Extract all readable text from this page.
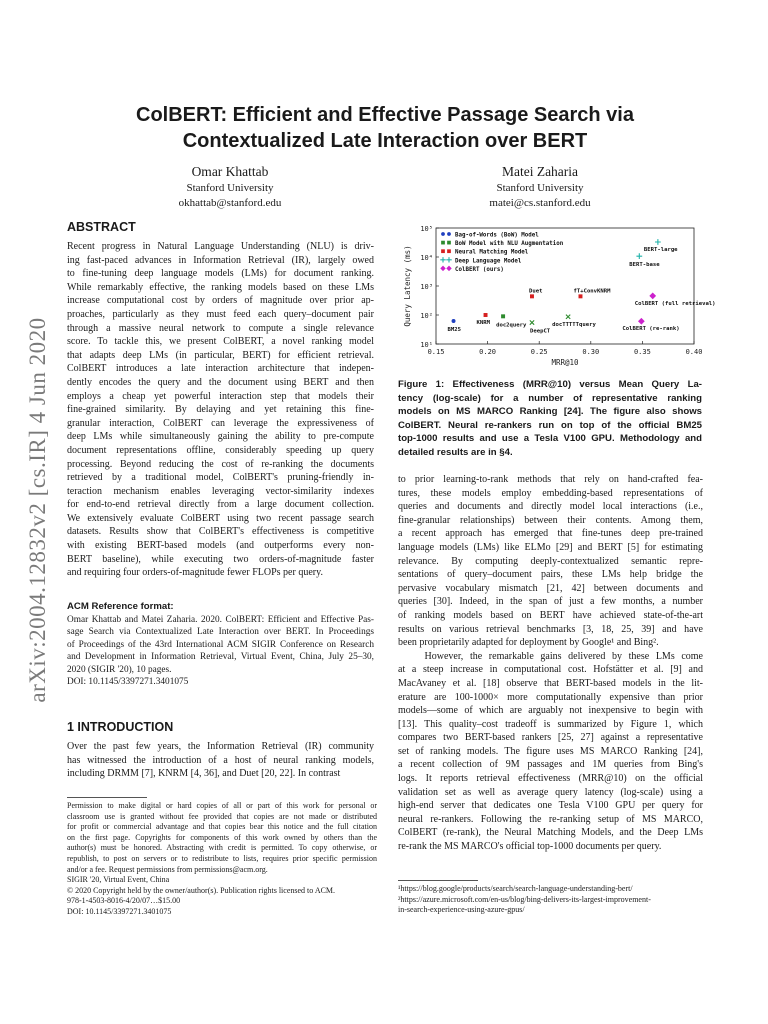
arXiv:2004.12832v2 [cs.IR] 4 Jun 2020
ColBERT: Efficient and Effective Passage Search via
Contextualized Late Interaction over BERT
Omar Khattab
Stanford University
okhattab@stanford.edu
Matei Zaharia
Stanford University
matei@cs.stanford.edu
ABSTRACT
Recent progress in Natural Language Understanding (NLU) is driv-
ing fast-paced advances in Information Retrieval (IR), largely owed
to fine-tuning deep language models (LMs) for document ranking.
While remarkably effective, the ranking models based on these LMs
increase computational cost by orders of magnitude over prior ap-
proaches, particularly as they must feed each query–document pair
through a massive neural network to compute a single relevance
score. To tackle this, we present ColBERT, a novel ranking model
that adapts deep LMs (in particular, BERT) for efficient retrieval.
ColBERT introduces a late interaction architecture that indepen-
dently encodes the query and the document using BERT and then
employs a cheap yet powerful interaction step that models their
fine-grained similarity. By delaying and yet retaining this fine-
granular interaction, ColBERT can leverage the expressiveness of
deep LMs while simultaneously gaining the ability to pre-compute
document representations offline, considerably speeding up query
processing. Beyond reducing the cost of re-ranking the documents
retrieved by a traditional model, ColBERT's pruning-friendly in-
teraction mechanism enables leveraging vector-similarity indexes
for end-to-end retrieval directly from a large document collection.
We extensively evaluate ColBERT using two recent passage search
datasets. Results show that ColBERT's effectiveness is competitive
with existing BERT-based models (and outperforms every non-
BERT baseline), while executing two orders-of-magnitude faster
and requiring four orders-of-magnitude fewer FLOPs per query.
ACM Reference format:
Omar Khattab and Matei Zaharia. 2020. ColBERT: Efficient and Effective Pas-
sage Search via Contextualized Late Interaction over BERT. In Proceedings
of Proceedings of the 43rd International ACM SIGIR Conference on Research
and Development in Information Retrieval, Virtual Event, China, July 25–30,
2020 (SIGIR '20), 10 pages.
DOI: 10.1145/3397271.3401075
1 INTRODUCTION
Over the past few years, the Information Retrieval (IR) community
has witnessed the introduction of a host of neural ranking models,
including DRMM [7], KNRM [4, 36], and Duet [20, 22]. In contrast
Permission to make digital or hard copies of all or part of this work for personal or
classroom use is granted without fee provided that copies are not made or distributed
for profit or commercial advantage and that copies bear this notice and the full citation
on the first page. Copyrights for components of this work owned by others than the
author(s) must be honored. Abstracting with credit is permitted. To copy otherwise, or
republish, to post on servers or to redistribute to lists, requires prior specific permission
and/or a fee. Request permissions from permissions@acm.org.
SIGIR '20, Virtual Event, China
© 2020 Copyright held by the owner/author(s). Publication rights licensed to ACM.
978-1-4503-8016-4/20/07…$15.00
DOI: 10.1145/3397271.3401075
10¹
10²
10³
10⁴
10⁵
0.15	0.20	0.25	0.30	0.35	0.40
MRR@10
Query Latency (ms)
Bag-of-Words (BoW) Model
BoW Model with NLU Augmentation
Neural Matching Model
Deep Language Model
ColBERT (ours)
BM25
KNRM doc2query
Duet
DeepCT
fT+ConvKNRM
docTTTTTquery
BERT-base
BERT-large
ColBERT (full retrieval)
ColBERT (re-rank)
Figure 1: Effectiveness (MRR@10) versus Mean Query La-
tency (log-scale) for a number of representative ranking
models on MS MARCO Ranking [24]. The figure also shows
ColBERT. Neural re-rankers run on top of the official BM25
top-1000 results and use a Tesla V100 GPU. Methodology and
detailed results are in §4.
to prior learning-to-rank methods that rely on hand-crafted fea-
tures, these models employ embedding-based representations of
queries and documents and directly model local interactions (i.e.,
fine-granular relationships) between their contents. Among them,
a recent approach has emerged that fine-tunes deep pre-trained
language models (LMs) like ELMo [29] and BERT [5] for estimating
relevance. By computing deeply-contextualized semantic repre-
sentations of query–document pairs, these LMs help bridge the
pervasive vocabulary mismatch [21, 42] between documents and
queries [30]. Indeed, in the span of just a few months, a number
of ranking models based on BERT have achieved state-of-the-art
results on various retrieval benchmarks [3, 18, 25, 39] and have
been proprietarily adapted for deployment by Google¹ and Bing².
However, the remarkable gains delivered by these LMs come
at a steep increase in computational cost. Hofstätter et al. [9] and
MacAvaney et al. [18] observe that BERT-based models in the lit-
erature are 100-1000× more computationally expensive than prior
models—some of which are arguably not inexpensive to begin with
[13]. This quality–cost tradeoff is summarized by Figure 1, which
compares two BERT-based rankers [25, 27] against a representative
set of ranking models. The figure uses MS MARCO Ranking [24],
a recent collection of 9M passages and 1M queries from Bing's
logs. It reports retrieval effectiveness (MRR@10) on the official
validation set as well as average query latency (log-scale) using a
high-end server that dedicates one Tesla V100 GPU per query for
neural re-rankers. Following the re-ranking setup of MS MARCO,
ColBERT (re-rank), the Neural Matching Models, and the Deep LMs
re-rank the MS MARCO's official top-1000 documents per query.
¹https://blog.google/products/search/search-language-understanding-bert/
²https://azure.microsoft.com/en-us/blog/bing-delivers-its-largest-improvement-
in-search-experience-using-azure-gpus/
